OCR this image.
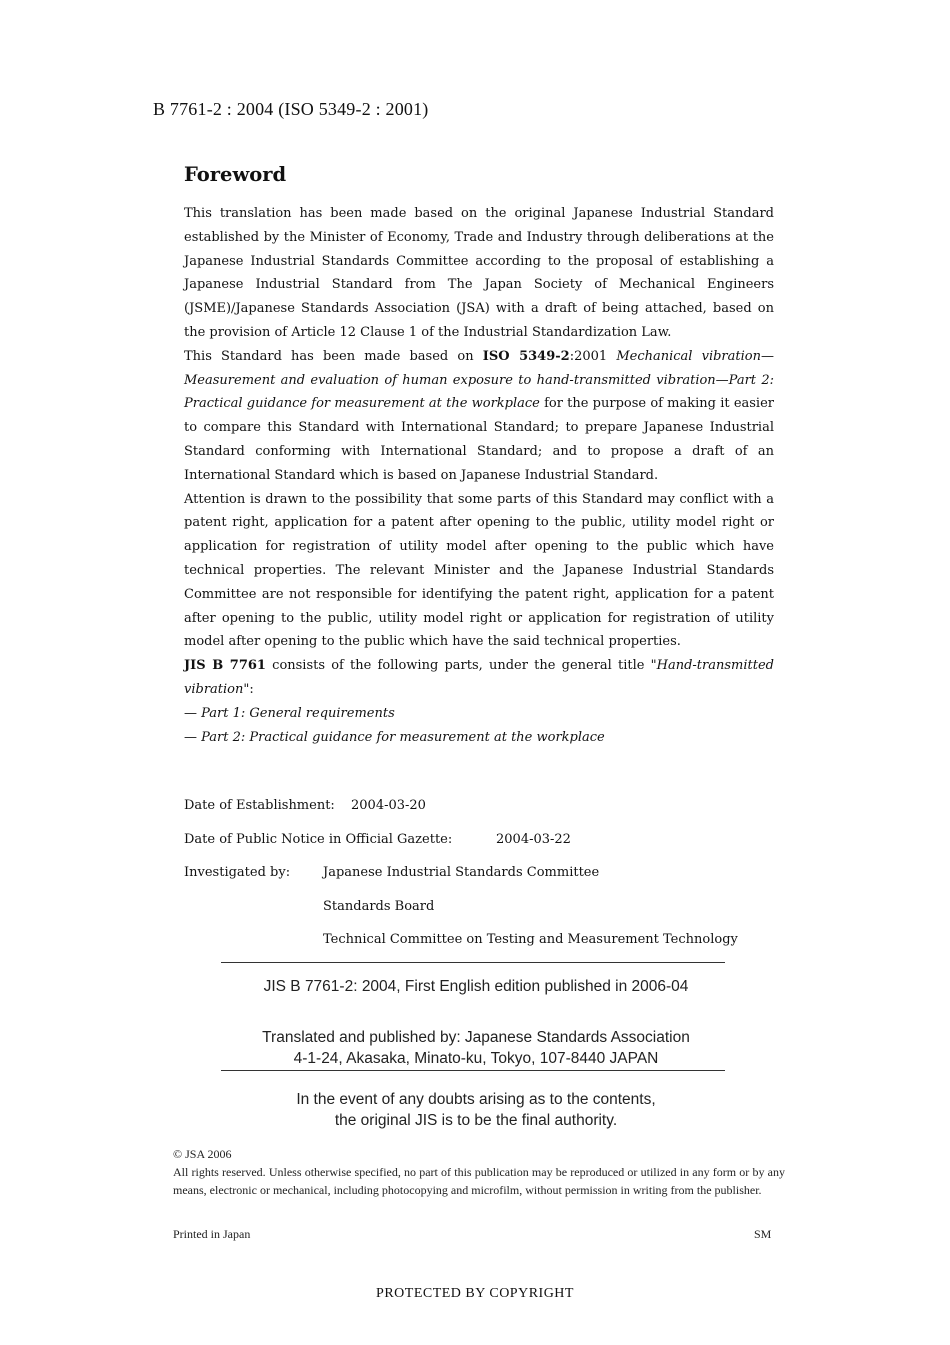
B 7761-2 : 2004 (ISO 5349-2 : 2001)
Foreword

This translation has been made based on the original Japanese Industrial Standard established by the Minister of Economy, Trade and Industry through deliberations at the Japanese Industrial Standards Committee according to the proposal of establishing a Japanese Industrial Standard from The Japan Society of Mechanical Engineers (JSME)/Japanese Standards Association (JSA) with a draft of being attached, based on the provision of Article 12 Clause 1 of the Industrial Standardization Law.

This Standard has been made based on ISO 5349-2:2001 Mechanical vibration—Measurement and evaluation of human exposure to hand-transmitted vibration—Part 2: Practical guidance for measurement at the workplace for the purpose of making it easier to compare this Standard with International Standard; to prepare Japanese Industrial Standard conforming with International Standard; and to propose a draft of an International Standard which is based on Japanese Industrial Standard.

Attention is drawn to the possibility that some parts of this Standard may conflict with a patent right, application for a patent after opening to the public, utility model right or application for registration of utility model after opening to the public which have technical properties. The relevant Minister and the Japanese Industrial Standards Committee are not responsible for identifying the patent right, application for a patent after opening to the public, utility model right or application for registration of utility model after opening to the public which have the said technical properties.

JIS B 7761 consists of the following parts, under the general title "Hand-transmitted vibration":

— Part 1: General requirements

— Part 2: Practical guidance for measurement at the workplace

Date of Establishment: 2004-03-20
Date of Public Notice in Official Gazette:	2004-03-22
Investigated by:	Japanese Industrial Standards Committee
Standards Board
Technical Committee on Testing and Measurement Technology
JIS B 7761-2: 2004, First English edition published in 2006-04
Translated and published by: Japanese Standards Association
4-1-24, Akasaka, Minato-ku, Tokyo, 107-8440 JAPAN
In the event of any doubts arising as to the contents,
the original JIS is to be the final authority.
© JSA 2006
All rights reserved. Unless otherwise specified, no part of this publication may be reproduced or utilized in any form or by any means, electronic or mechanical, including photocopying and microfilm, without permission in writing from the publisher.
Printed in Japan	SM
PROTECTED BY COPYRIGHT
